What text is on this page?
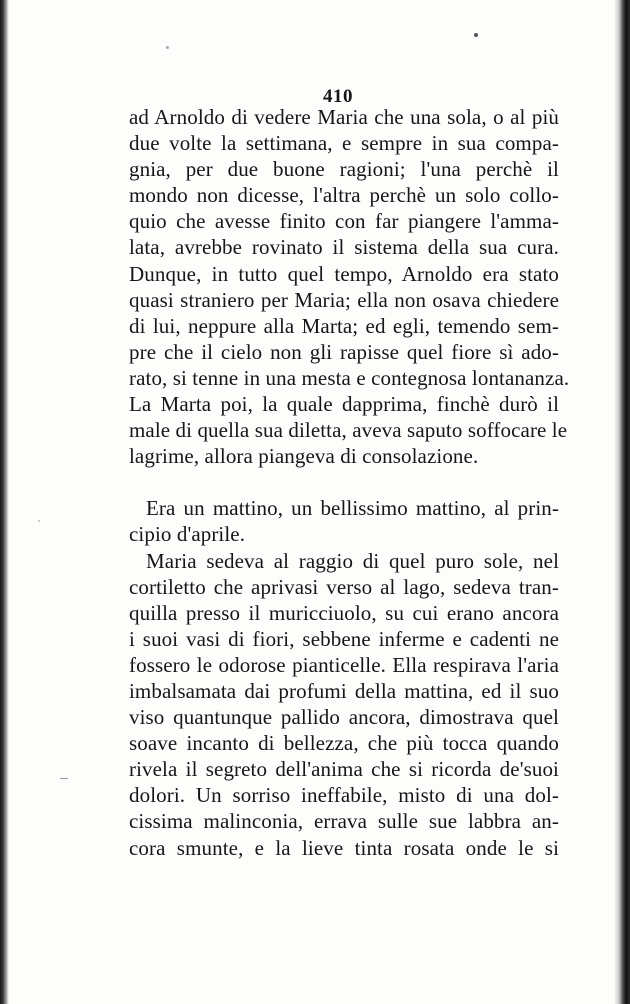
410
ad Arnoldo di vedere Maria che una sola, o al più
due volte la settimana, e sempre in sua compa-
gnia, per due buone ragioni; l'una perchè il
mondo non dicesse, l'altra perchè un solo collo-
quio che avesse finito con far piangere l'amma-
lata, avrebbe rovinato il sistema della sua cura.
Dunque, in tutto quel tempo, Arnoldo era stato
quasi straniero per Maria; ella non osava chiedere
di lui, neppure alla Marta; ed egli, temendo sem-
pre che il cielo non gli rapisse quel fiore sì ado-
rato, si tenne in una mesta e contegnosa lontananza.
La Marta poi, la quale dapprima, finchè durò il
male di quella sua diletta, aveva saputo soffocare le
lagrime, allora piangeva di consolazione.
Era un mattino, un bellissimo mattino, al prin-
cipio d'aprile.
Maria sedeva al raggio di quel puro sole, nel
cortiletto che aprivasi verso al lago, sedeva tran-
quilla presso il muricciuolo, su cui erano ancora
i suoi vasi di fiori, sebbene inferme e cadenti ne
fossero le odorose pianticelle. Ella respirava l'aria
imbalsamata dai profumi della mattina, ed il suo
viso quantunque pallido ancora, dimostrava quel
soave incanto di bellezza, che più tocca quando
rivela il segreto dell'anima che si ricorda de'suoi
dolori. Un sorriso ineffabile, misto di una dol-
cissima malinconia, errava sulle sue labbra an-
cora smunte, e la lieve tinta rosata onde le si
